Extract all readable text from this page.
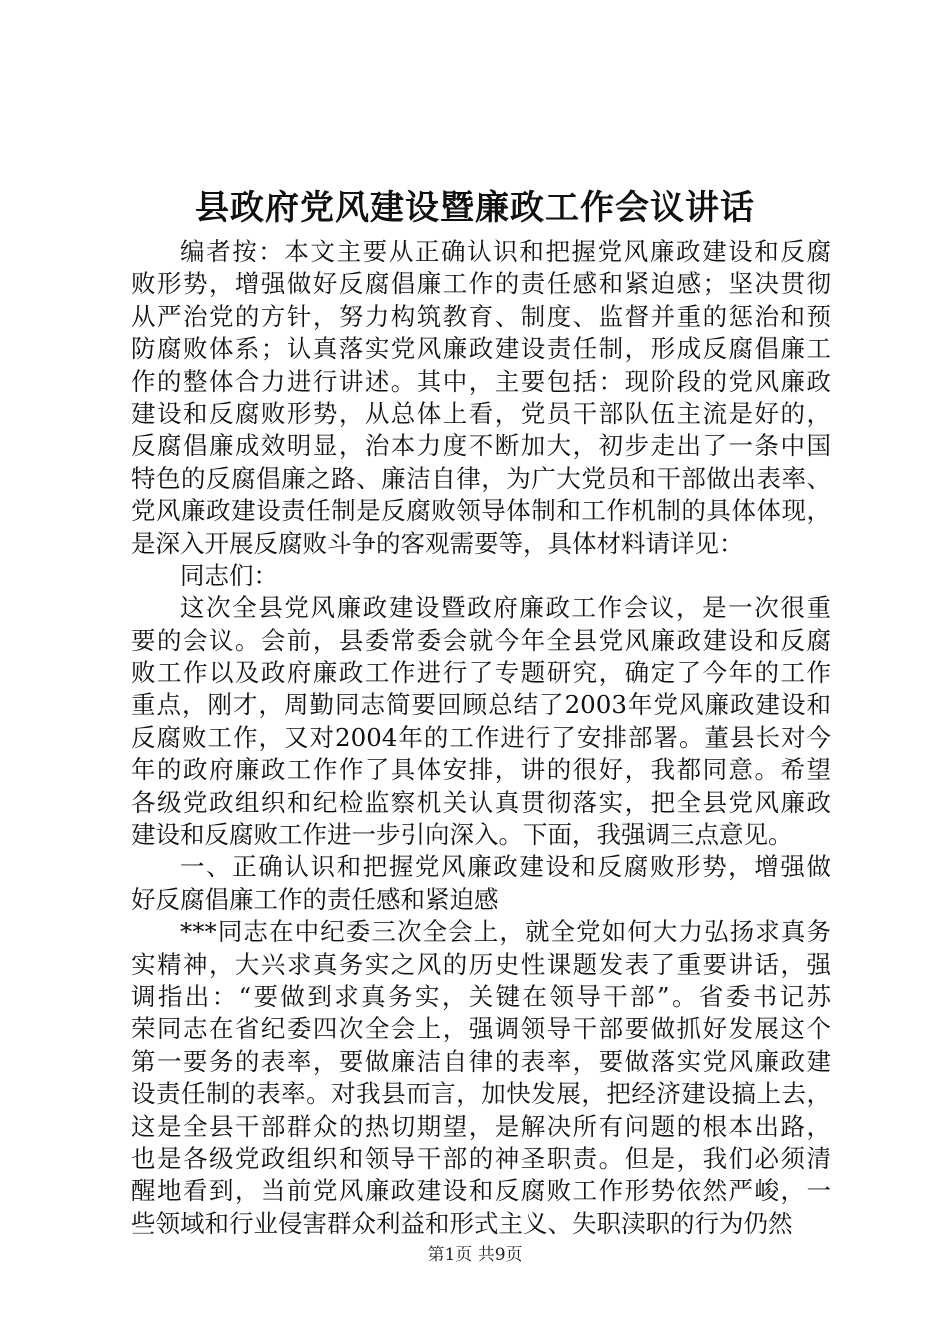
县政府党风建设暨廉政工作会议讲话
编者按：本文主要从正确认识和把握党风廉政建设和反腐
败形势，增强做好反腐倡廉工作的责任感和紧迫感；坚决贯彻
从严治党的方针，努力构筑教育、制度、监督并重的惩治和预
防腐败体系；认真落实党风廉政建设责任制，形成反腐倡廉工
作的整体合力进行讲述。其中，主要包括：现阶段的党风廉政
建设和反腐败形势，从总体上看，党员干部队伍主流是好的，
反腐倡廉成效明显，治本力度不断加大，初步走出了一条中国
特色的反腐倡廉之路、廉洁自律，为广大党员和干部做出表率、
党风廉政建设责任制是反腐败领导体制和工作机制的具体体现，
是深入开展反腐败斗争的客观需要等，具体材料请详见：
同志们：
这次全县党风廉政建设暨政府廉政工作会议，是一次很重
要的会议。会前，县委常委会就今年全县党风廉政建设和反腐
败工作以及政府廉政工作进行了专题研究，确定了今年的工作
重点，刚才，周勤同志简要回顾总结了2003年党风廉政建设和
反腐败工作，又对2004年的工作进行了安排部署。董县长对今
年的政府廉政工作作了具体安排，讲的很好，我都同意。希望
各级党政组织和纪检监察机关认真贯彻落实，把全县党风廉政
建设和反腐败工作进一步引向深入。下面，我强调三点意见。
一、正确认识和把握党风廉政建设和反腐败形势，增强做
好反腐倡廉工作的责任感和紧迫感
***同志在中纪委三次全会上，就全党如何大力弘扬求真务
实精神，大兴求真务实之风的历史性课题发表了重要讲话，强
调指出：“要做到求真务实，关键在领导干部”。省委书记苏
荣同志在省纪委四次全会上，强调领导干部要做抓好发展这个
第一要务的表率，要做廉洁自律的表率，要做落实党风廉政建
设责任制的表率。对我县而言，加快发展，把经济建设搞上去，
这是全县干部群众的热切期望，是解决所有问题的根本出路，
也是各级党政组织和领导干部的神圣职责。但是，我们必须清
醒地看到，当前党风廉政建设和反腐败工作形势依然严峻，一
些领域和行业侵害群众利益和形式主义、失职渎职的行为仍然
第1页 共9页
